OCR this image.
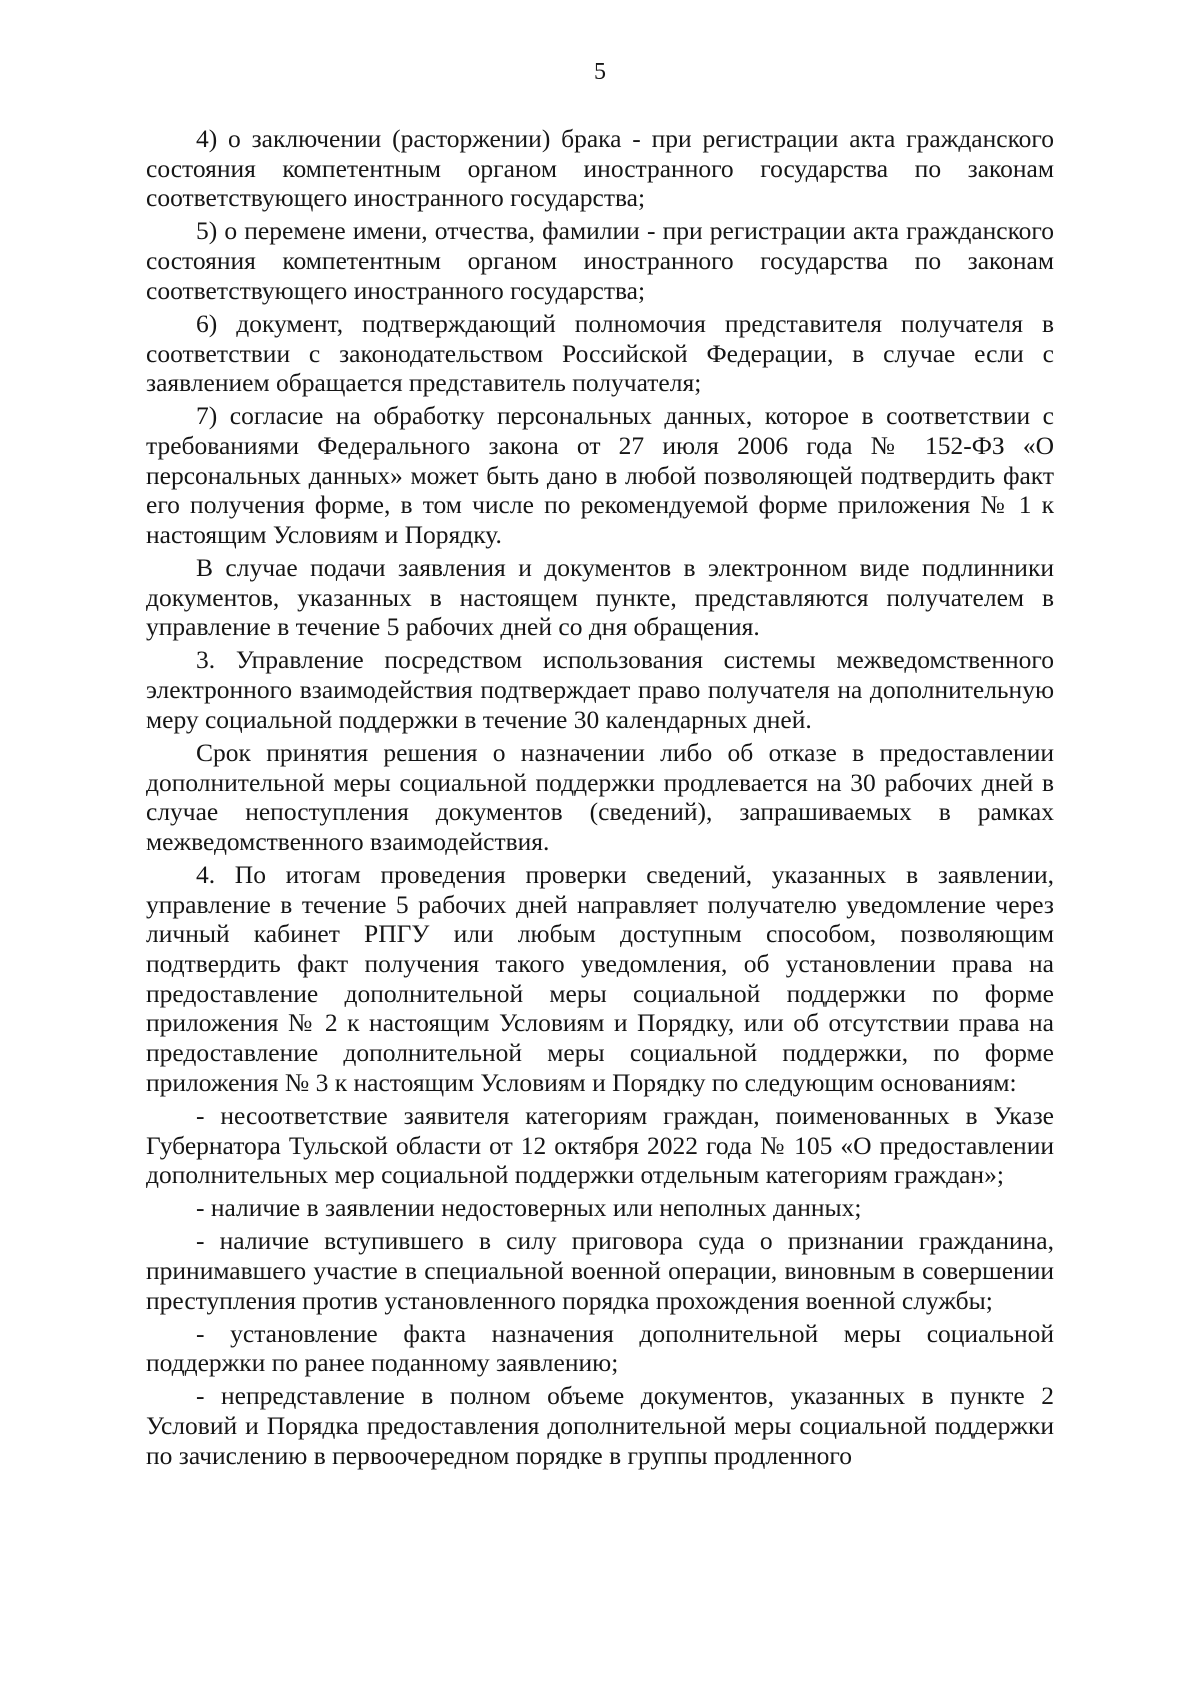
5

4) о заключении (расторжении) брака - при регистрации акта гражданского состояния компетентным органом иностранного государства по законам соответствующего иностранного государства;

5) о перемене имени, отчества, фамилии - при регистрации акта гражданского состояния компетентным органом иностранного государства по законам соответствующего иностранного государства;

6) документ, подтверждающий полномочия представителя получателя в соответствии с законодательством Российской Федерации, в случае если с заявлением обращается представитель получателя;

7) согласие на обработку персональных данных, которое в соответствии с требованиями Федерального закона от 27 июля 2006 года № 152-ФЗ «О персональных данных» может быть дано в любой позволяющей подтвердить факт его получения форме, в том числе по рекомендуемой форме приложения № 1 к настоящим Условиям и Порядку.

В случае подачи заявления и документов в электронном виде подлинники документов, указанных в настоящем пункте, представляются получателем в управление в течение 5 рабочих дней со дня обращения.

3. Управление посредством использования системы межведомственного электронного взаимодействия подтверждает право получателя на дополнительную меру социальной поддержки в течение 30 календарных дней.

Срок принятия решения о назначении либо об отказе в предоставлении дополнительной меры социальной поддержки продлевается на 30 рабочих дней в случае непоступления документов (сведений), запрашиваемых в рамках межведомственного взаимодействия.

4. По итогам проведения проверки сведений, указанных в заявлении, управление в течение 5 рабочих дней направляет получателю уведомление через личный кабинет РПГУ или любым доступным способом, позволяющим подтвердить факт получения такого уведомления, об установлении права на предоставление дополнительной меры социальной поддержки по форме приложения № 2 к настоящим Условиям и Порядку, или об отсутствии права на предоставление дополнительной меры социальной поддержки, по форме приложения № 3 к настоящим Условиям и Порядку по следующим основаниям:

- несоответствие заявителя категориям граждан, поименованных в Указе Губернатора Тульской области от 12 октября 2022 года № 105 «О предоставлении дополнительных мер социальной поддержки отдельным категориям граждан»;

- наличие в заявлении недостоверных или неполных данных;

- наличие вступившего в силу приговора суда о признании гражданина, принимавшего участие в специальной военной операции, виновным в совершении преступления против установленного порядка прохождения военной службы;

- установление факта назначения дополнительной меры социальной поддержки по ранее поданному заявлению;

- непредставление в полном объеме документов, указанных в пункте 2 Условий и Порядка предоставления дополнительной меры социальной поддержки по зачислению в первоочередном порядке в группы продленного
